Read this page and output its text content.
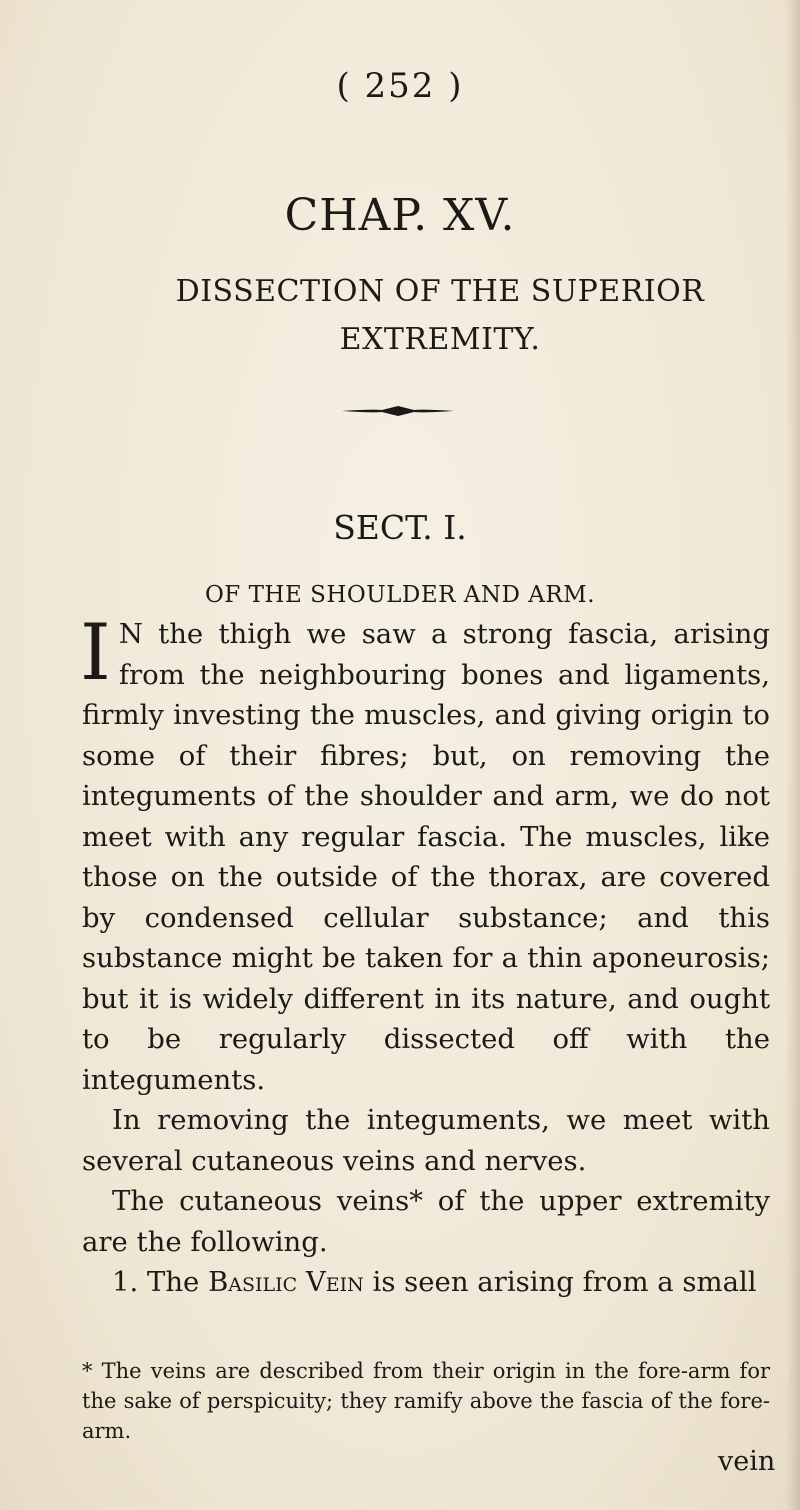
( 252 )
CHAP. XV.
DISSECTION OF THE SUPERIOR EXTREMITY.
SECT. I.
OF THE SHOULDER AND ARM.

I N the thigh we saw a strong fascia, arising from the neighbouring bones and ligaments, firmly investing the muscles, and giving origin to some of their fibres; but, on removing the integuments of the shoulder and arm, we do not meet with any regular fascia. The muscles, like those on the outside of the thorax, are covered by condensed cellular substance; and this substance might be taken for a thin aponeurosis; but it is widely different in its nature, and ought to be regularly dissected off with the integuments.

In removing the integuments, we meet with several cutaneous veins and nerves.

The cutaneous veins* of the upper extremity are the following.

1. The Basilic Vein is seen arising from a small

* The veins are described from their origin in the fore-arm for the sake of perspicuity; they ramify above the fascia of the fore-arm.
vein
